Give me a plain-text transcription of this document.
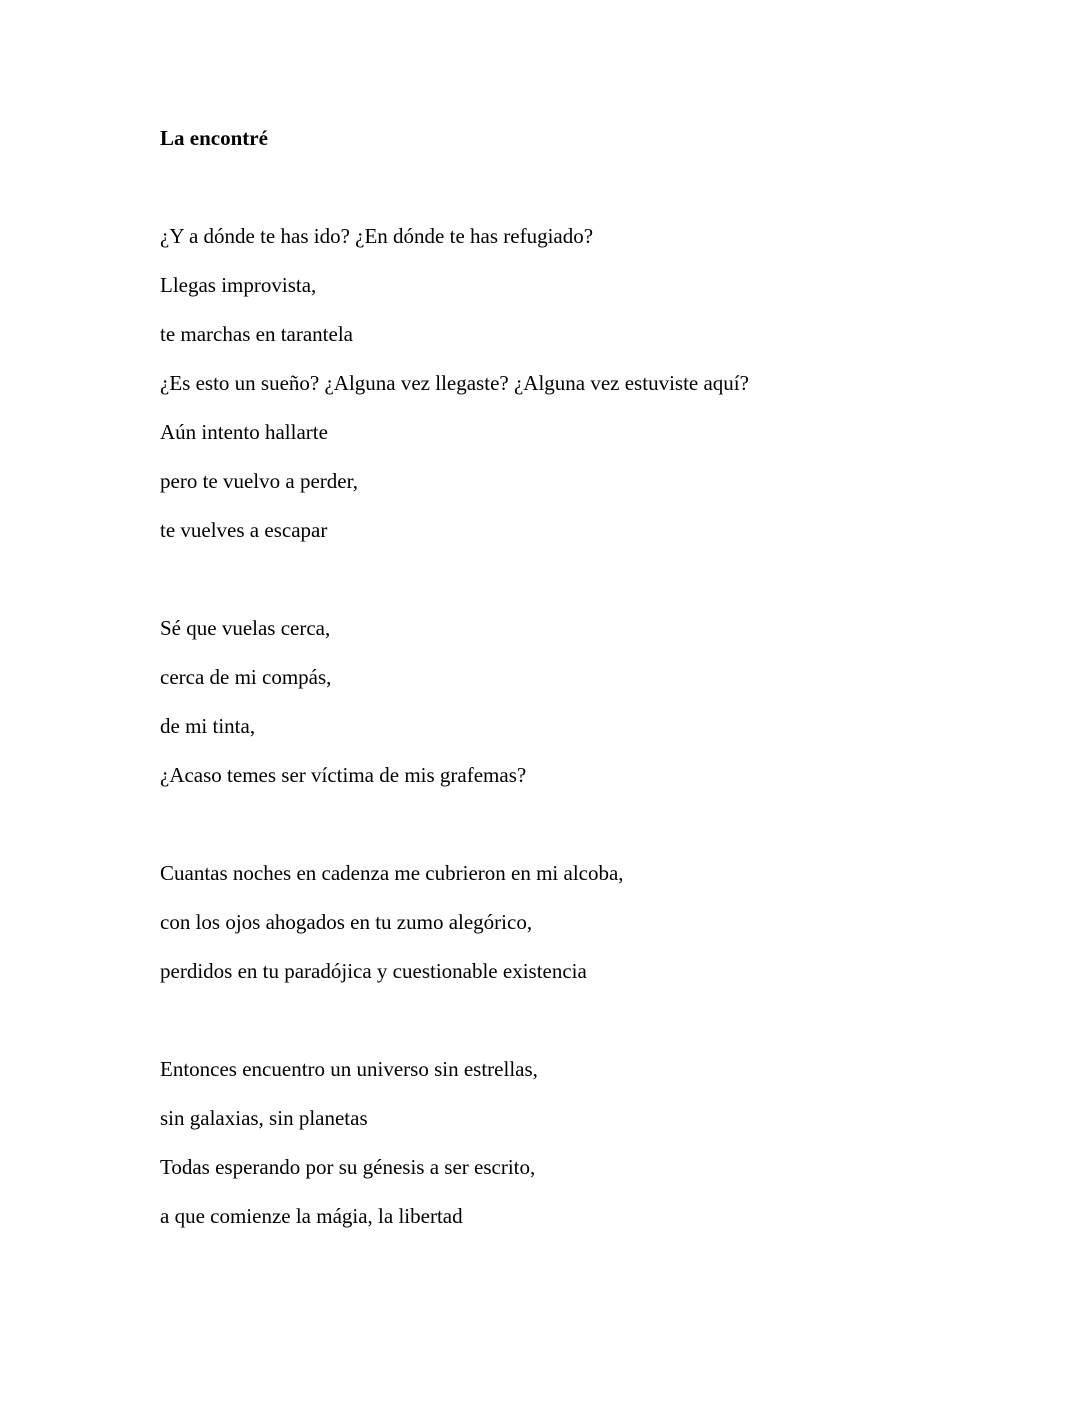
La encontré

¿Y a dónde te has ido? ¿En dónde te has refugiado?

Llegas improvista,

te marchas en tarantela

¿Es esto un sueño? ¿Alguna vez llegaste? ¿Alguna vez estuviste aquí?

Aún intento hallarte

pero te vuelvo a perder,

te vuelves a escapar

Sé que vuelas cerca,

cerca de mi compás,

de mi tinta,

¿Acaso temes ser víctima de mis grafemas?

Cuantas noches en cadenza me cubrieron en mi alcoba,

con los ojos ahogados en tu zumo alegórico,

perdidos en tu paradójica y cuestionable existencia

Entonces encuentro un universo sin estrellas,

sin galaxias, sin planetas

Todas esperando por su génesis a ser escrito,

a que comienze la mágia, la libertad
